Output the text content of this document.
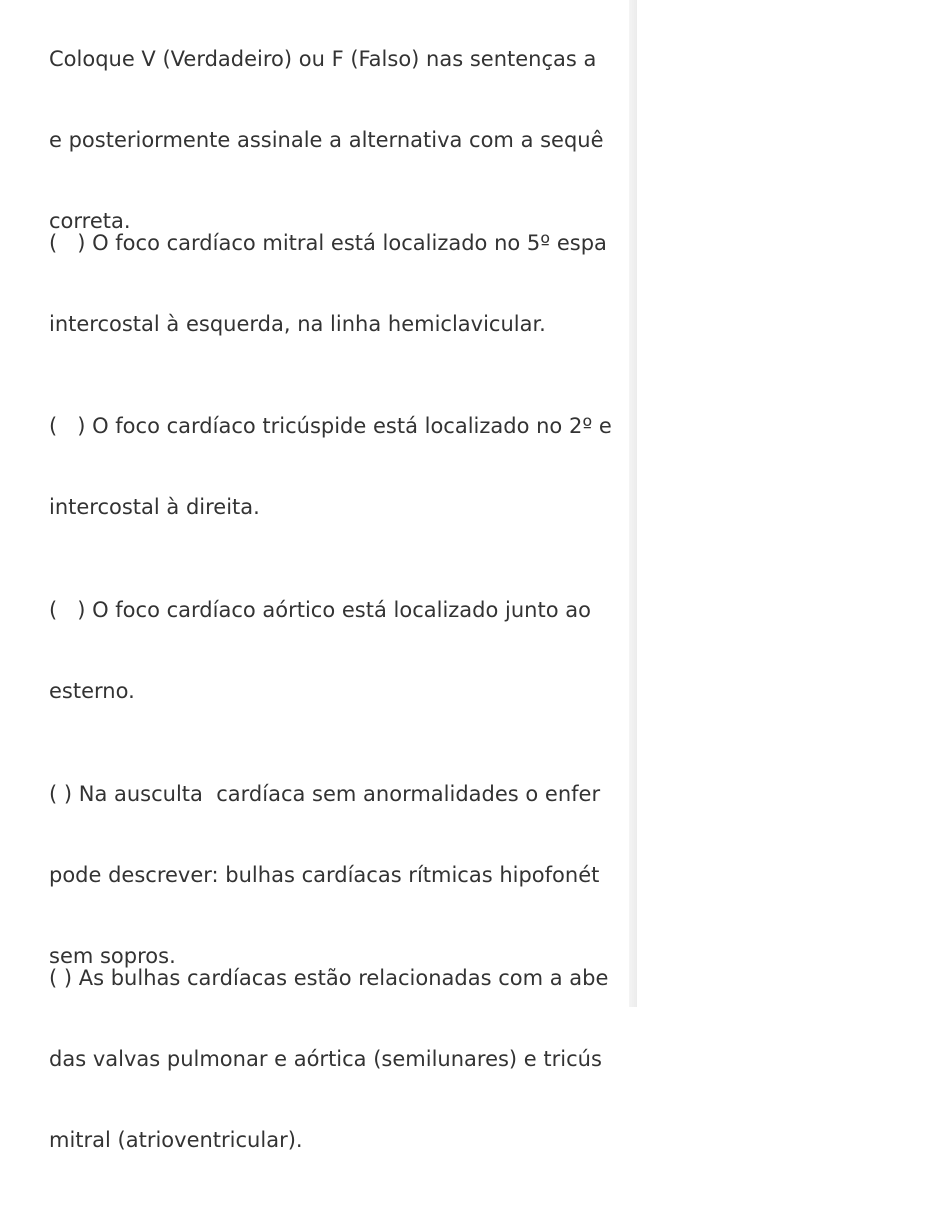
Coloque V (Verdadeiro) ou F (Falso) nas sentenças a

e posteriormente assinale a alternativa com a sequê

correta.

(   ) O foco cardíaco mitral está localizado no 5º espa

intercostal à esquerda, na linha hemiclavicular.

(   ) O foco cardíaco tricúspide está localizado no 2º e

intercostal à direita.

(   ) O foco cardíaco aórtico está localizado junto ao

esterno.

( ) Na ausculta  cardíaca sem anormalidades o enfer

pode descrever: bulhas cardíacas rítmicas hipofonét

sem sopros.

( ) As bulhas cardíacas estão relacionadas com a abe

das valvas pulmonar e aórtica (semilunares) e tricús

mitral (atrioventricular).
